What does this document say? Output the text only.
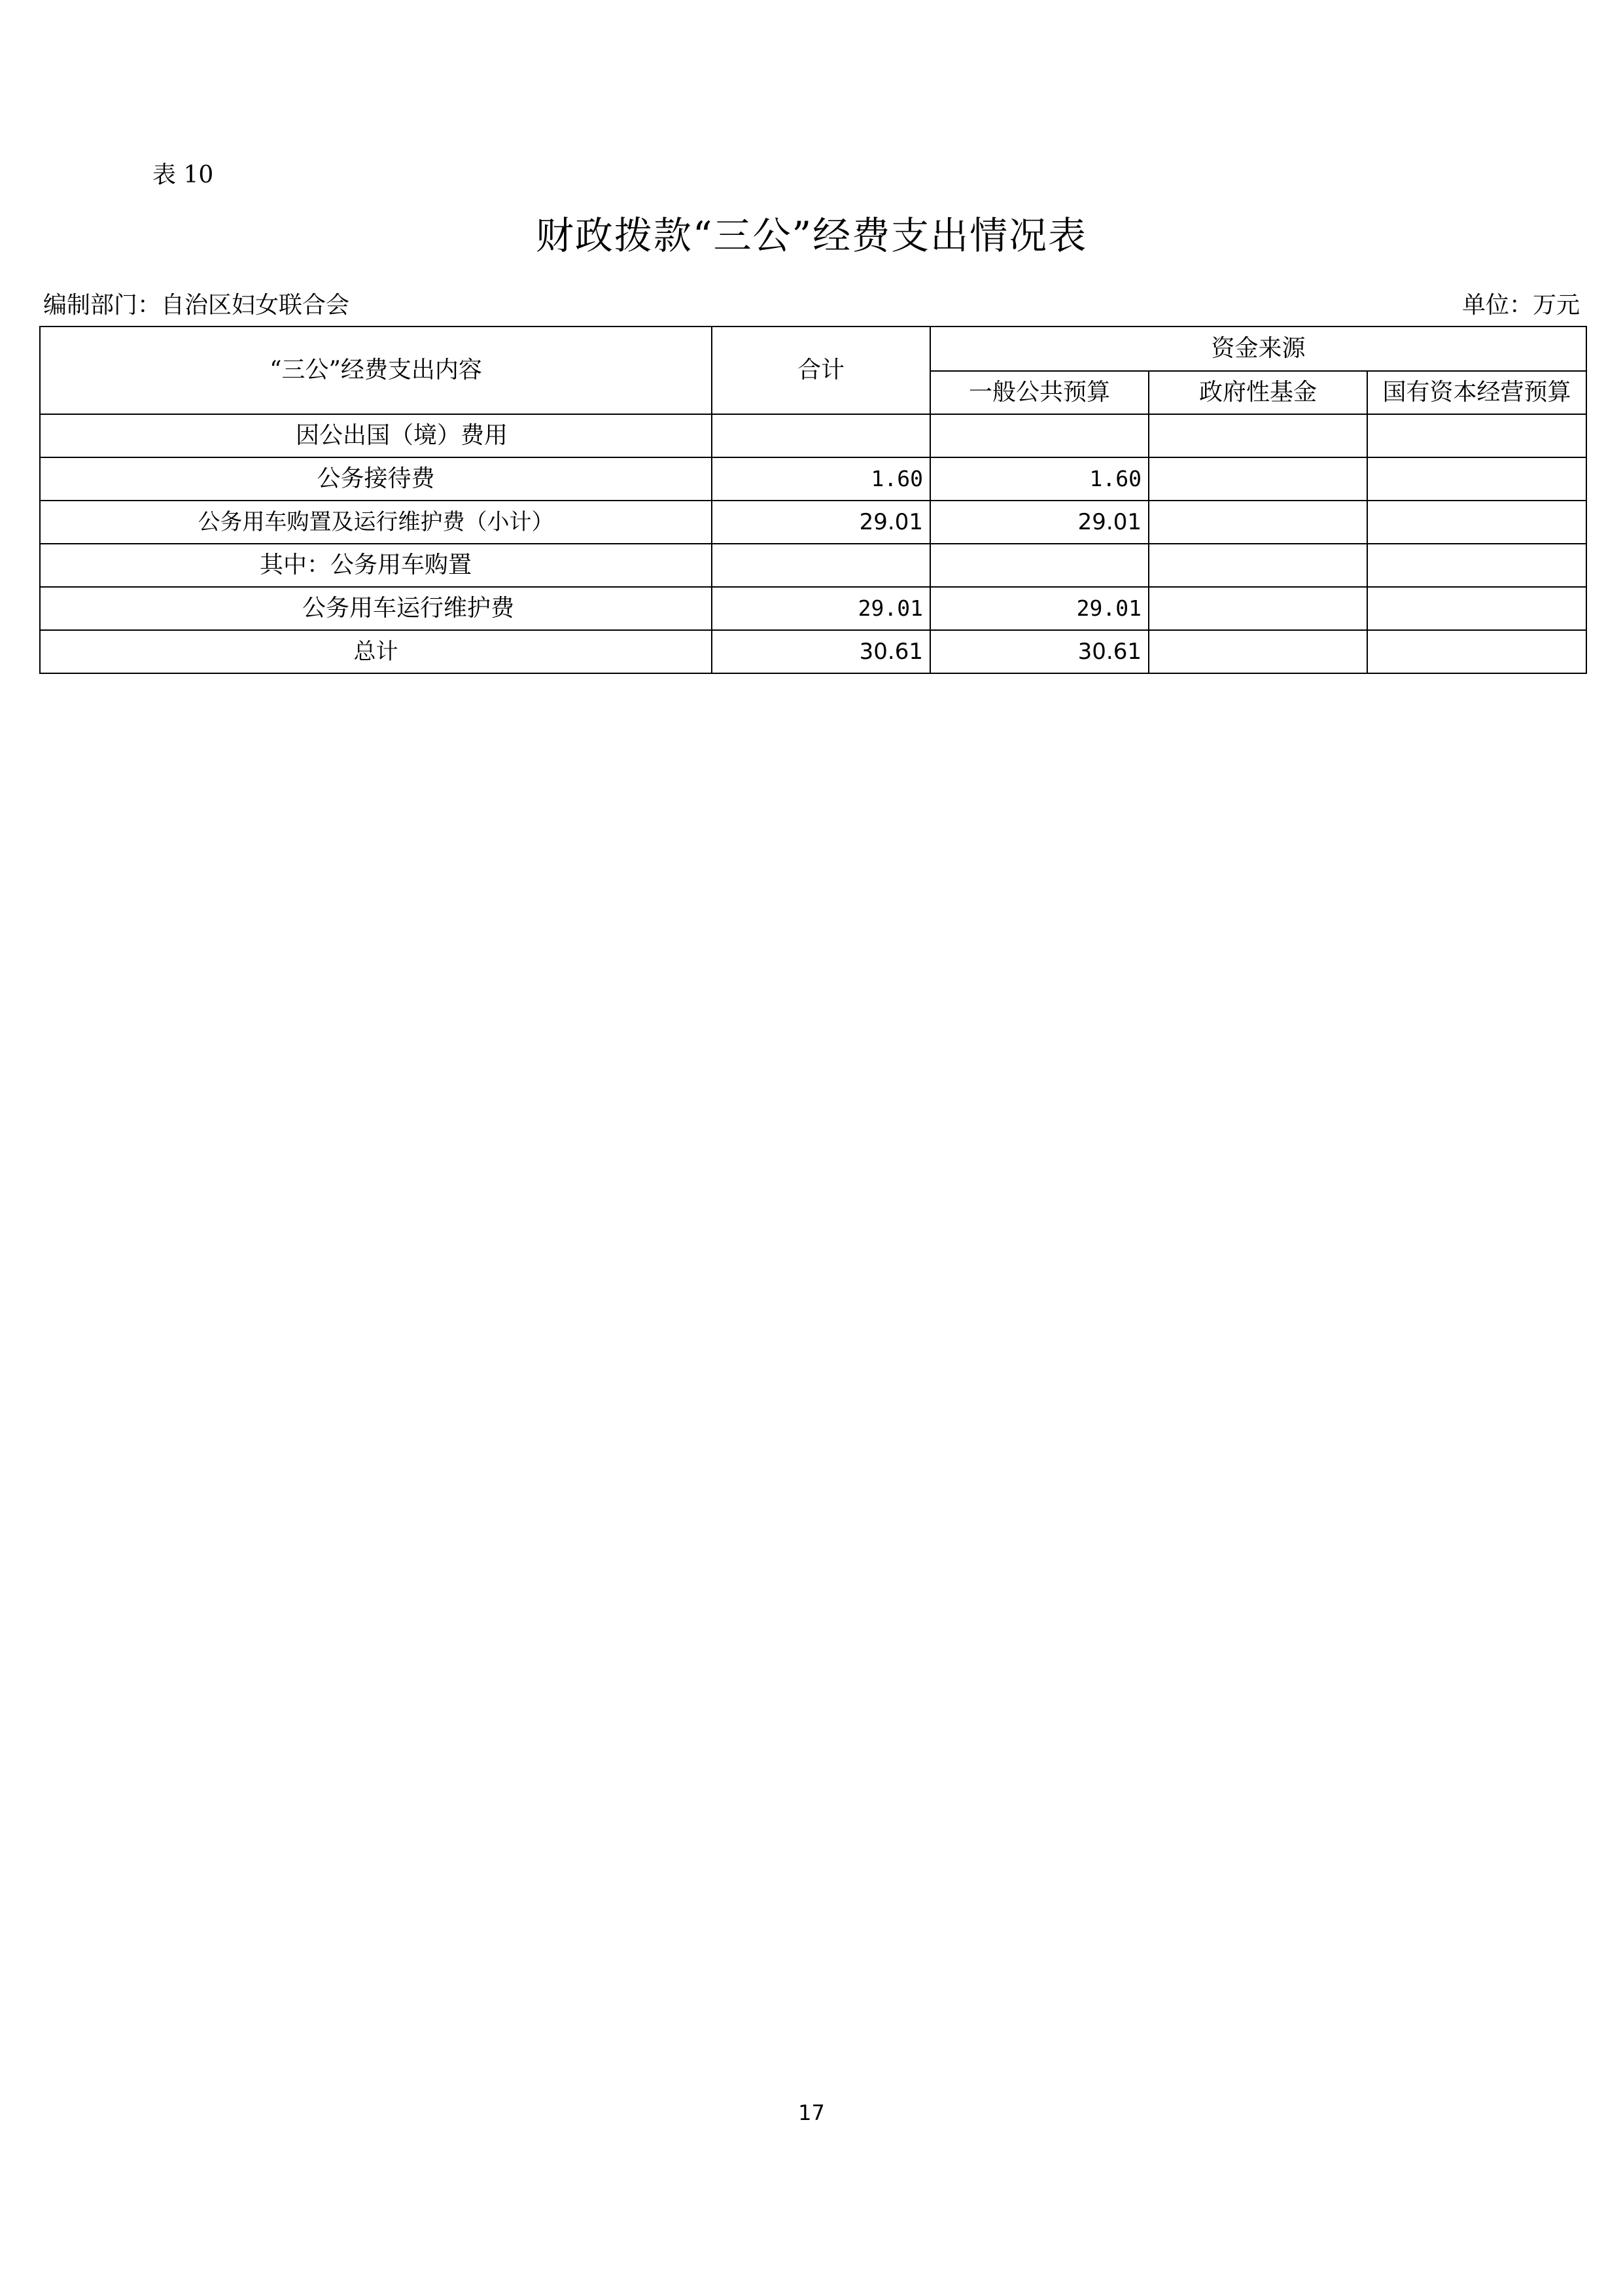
表 10
财政拨款“三公”经费支出情况表
编制部门：自治区妇女联合会	单位：万元
“三公”经费支出内容	合计	资金来源		
		一般公共预算	政府性基金	国有资本经营预算
因公出国（境）费用				
公务接待费	1.60	1.60		
公务用车购置及运行维护费（小计）	29.01	29.01		
其中：公务用车购置				
公务用车运行维护费	29.01	29.01		
总计	30.61	30.61		
17
